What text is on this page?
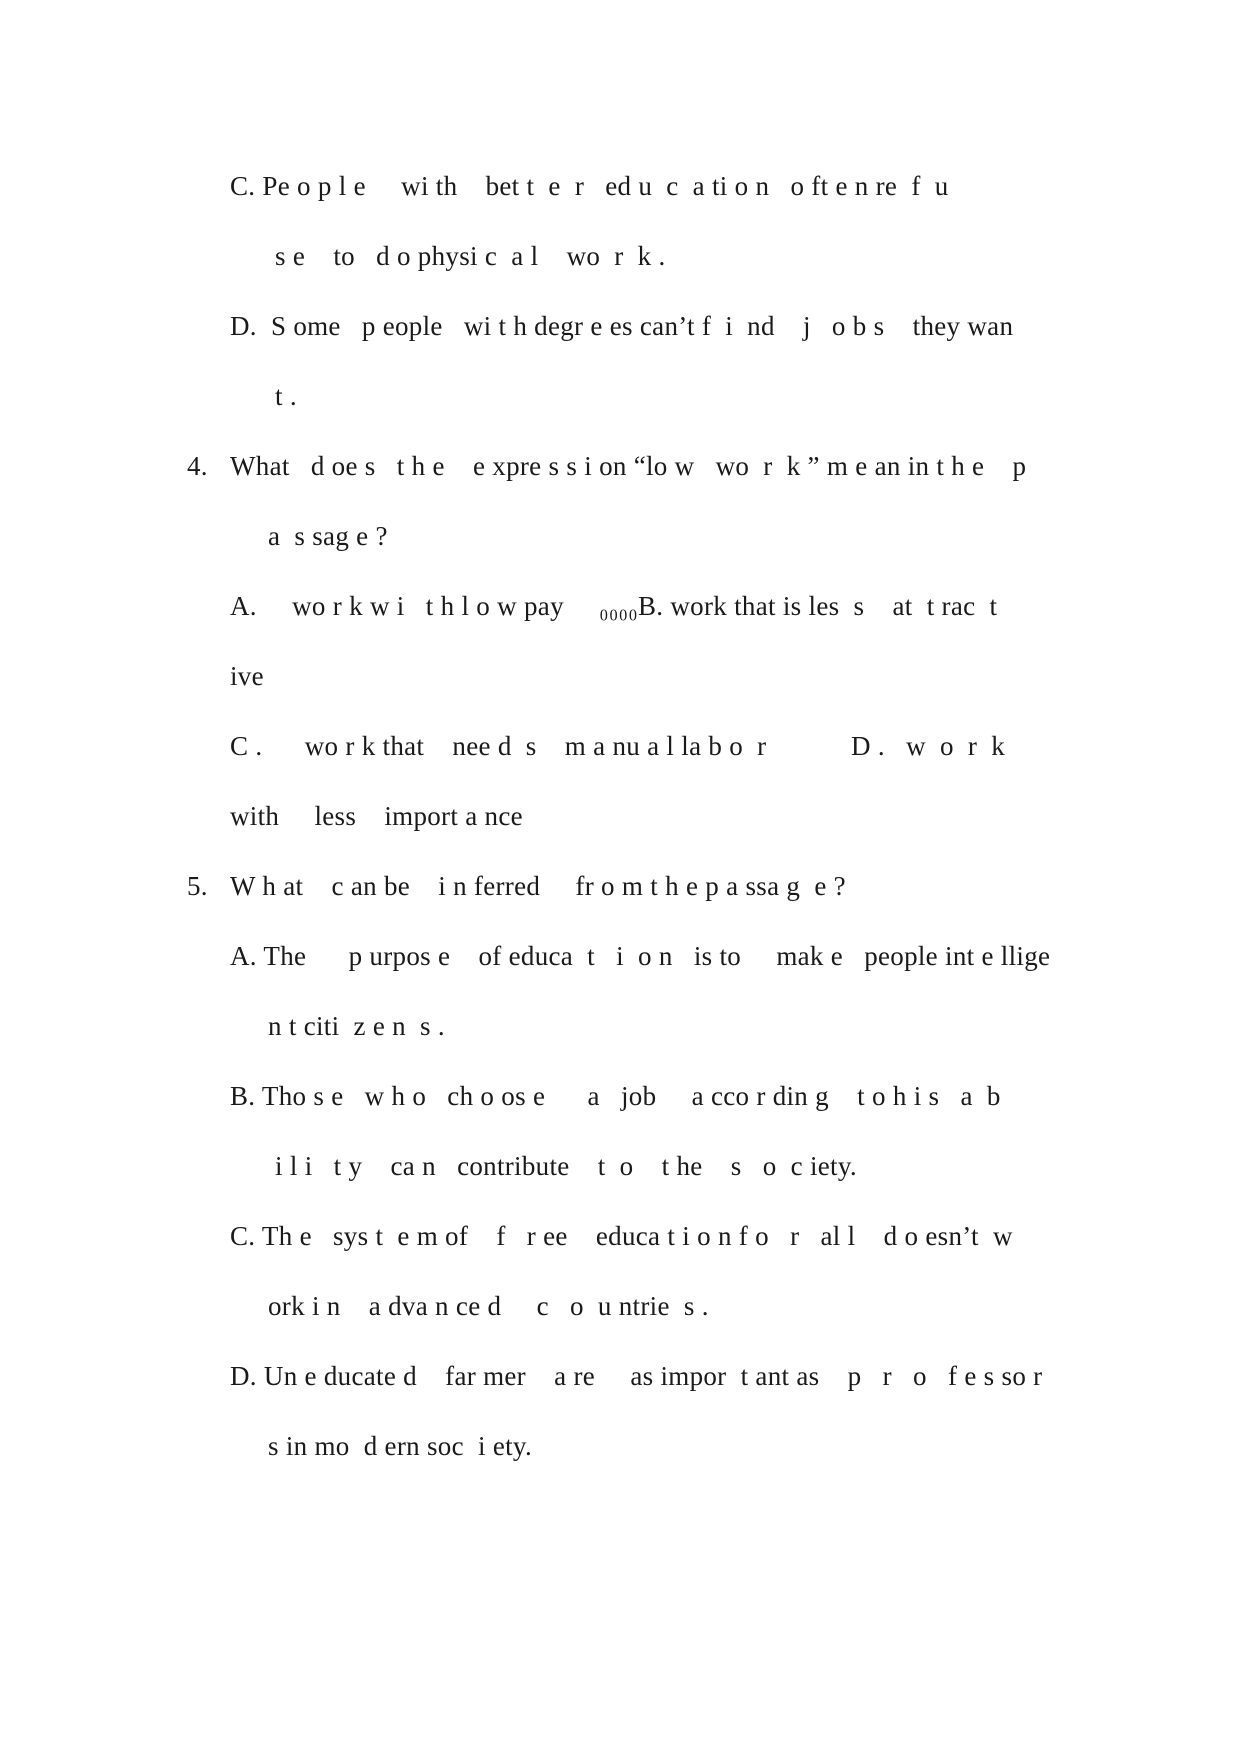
C. Pe o p l e     wi th    bet t  e  r   ed u  c  a ti o n   o ft e n re  f  u
s e    to   d o physi c  a l    wo  r  k .
D.  S ome   p eople   wi t h degr e es can’t f  i  nd    j   o b s    they wan
t .
4. What   d oe s   t h e    e xpre s s i on “lo w   wo  r  k ” m e an in t h e    p
a  s sag e ?
A.     wo r k w i   t h l o w pay     ₀₀₀₀B. work that is les  s    at  t rac  t
ive
C .      wo r k that    nee d  s    m a nu a l la b o  r            D .   w  o  r  k
with     less    import a nce
5. W h at    c an be    i n ferred     fr o m t h e p a ssa g  e ?
A. The      p urpos e    of educa  t   i  o n   is to     mak e   people int e llige
n t citi  z e n  s .
B. Tho s e   w h o   ch o os e      a   job     a cco r din g    t o h i s   a  b
i l i   t y    ca n   contribute    t  o    t he    s   o  c iety.
C. Th e   sys t  e m of    f   r ee    educa t i o n f o   r   al l    d o esn’t  w
ork i n    a dva n ce d     c   o  u ntrie  s .
D. Un e ducate d    far mer    a re     as impor  t ant as    p   r   o   f e s so r
s in mo  d ern soc  i ety.
